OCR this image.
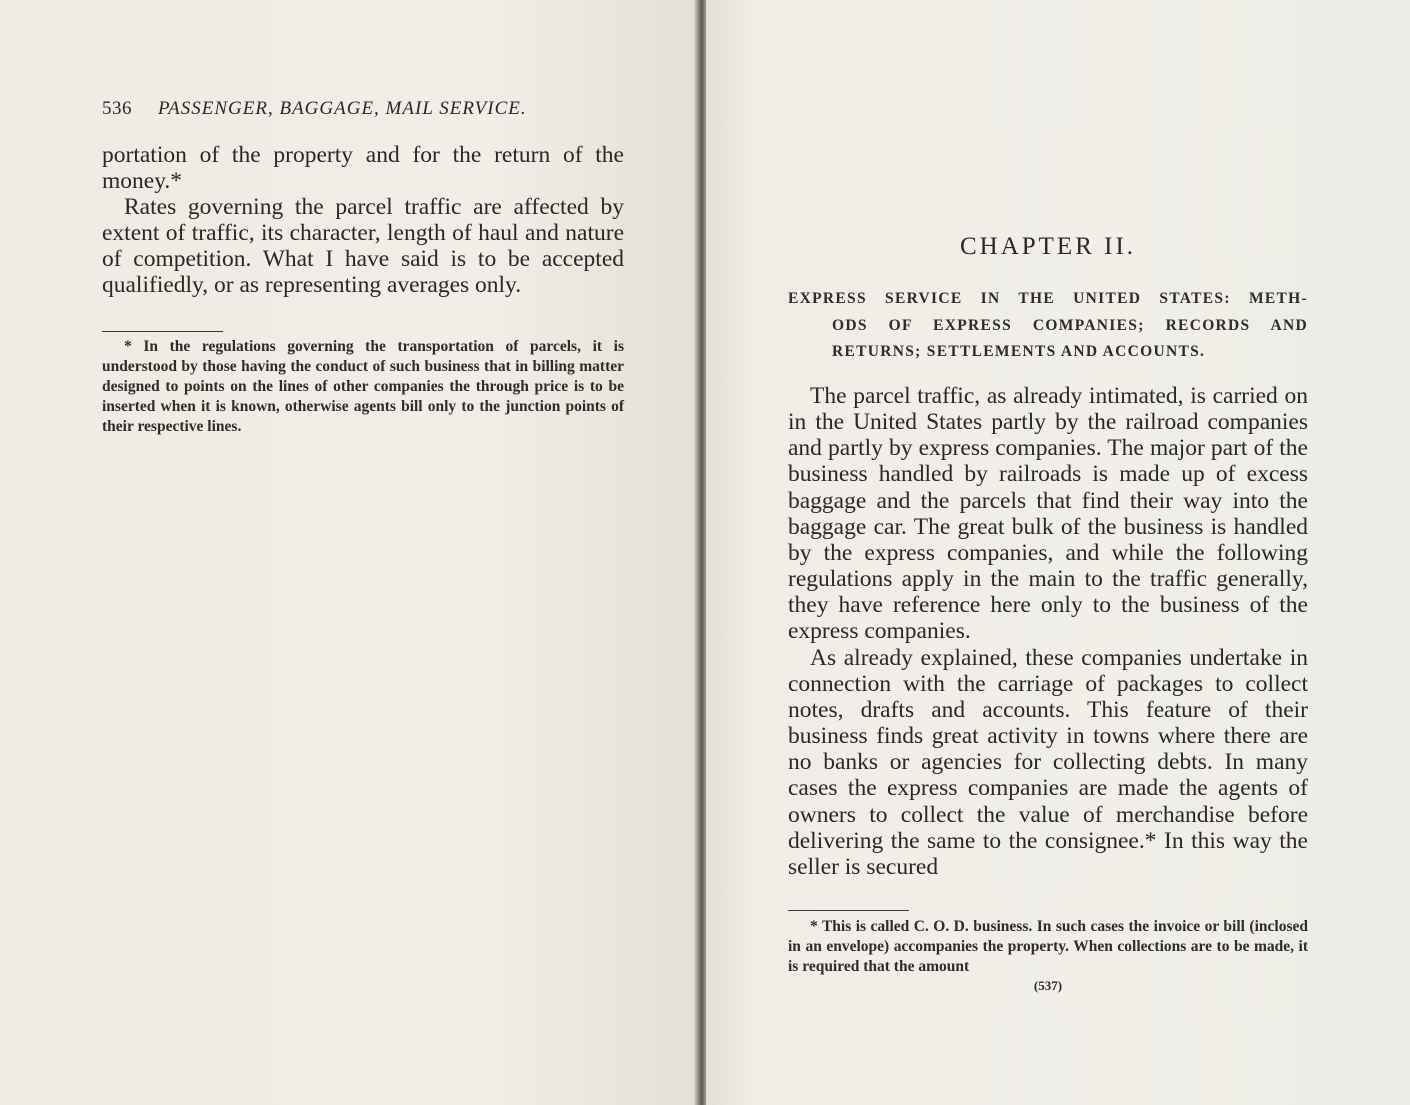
536 PASSENGER, BAGGAGE, MAIL SERVICE.

portation of the property and for the return of the money.*

Rates governing the parcel traffic are affected by extent of traffic, its character, length of haul and nature of competition. What I have said is to be accepted qualifiedly, or as representing averages only.

* In the regulations governing the transportation of parcels, it is understood by those having the conduct of such business that in billing matter designed to points on the lines of other companies the through price is to be inserted when it is known, otherwise agents bill only to the junction points of their respective lines.

CHAPTER II.
EXPRESS SERVICE IN THE UNITED STATES: METH-
ODS OF EXPRESS COMPANIES; RECORDS AND
RETURNS; SETTLEMENTS AND ACCOUNTS.

The parcel traffic, as already intimated, is carried on in the United States partly by the railroad companies and partly by express companies. The major part of the business handled by railroads is made up of excess baggage and the parcels that find their way into the baggage car. The great bulk of the business is handled by the express companies, and while the following regulations apply in the main to the traffic generally, they have reference here only to the business of the express companies.

As already explained, these companies undertake in connection with the carriage of packages to collect notes, drafts and accounts. This feature of their business finds great activity in towns where there are no banks or agencies for collecting debts. In many cases the express companies are made the agents of owners to collect the value of merchandise before delivering the same to the consignee.* In this way the seller is secured

* This is called C. O. D. business. In such cases the invoice or bill (inclosed in an envelope) accompanies the property. When collections are to be made, it is required that the amount

(537)
